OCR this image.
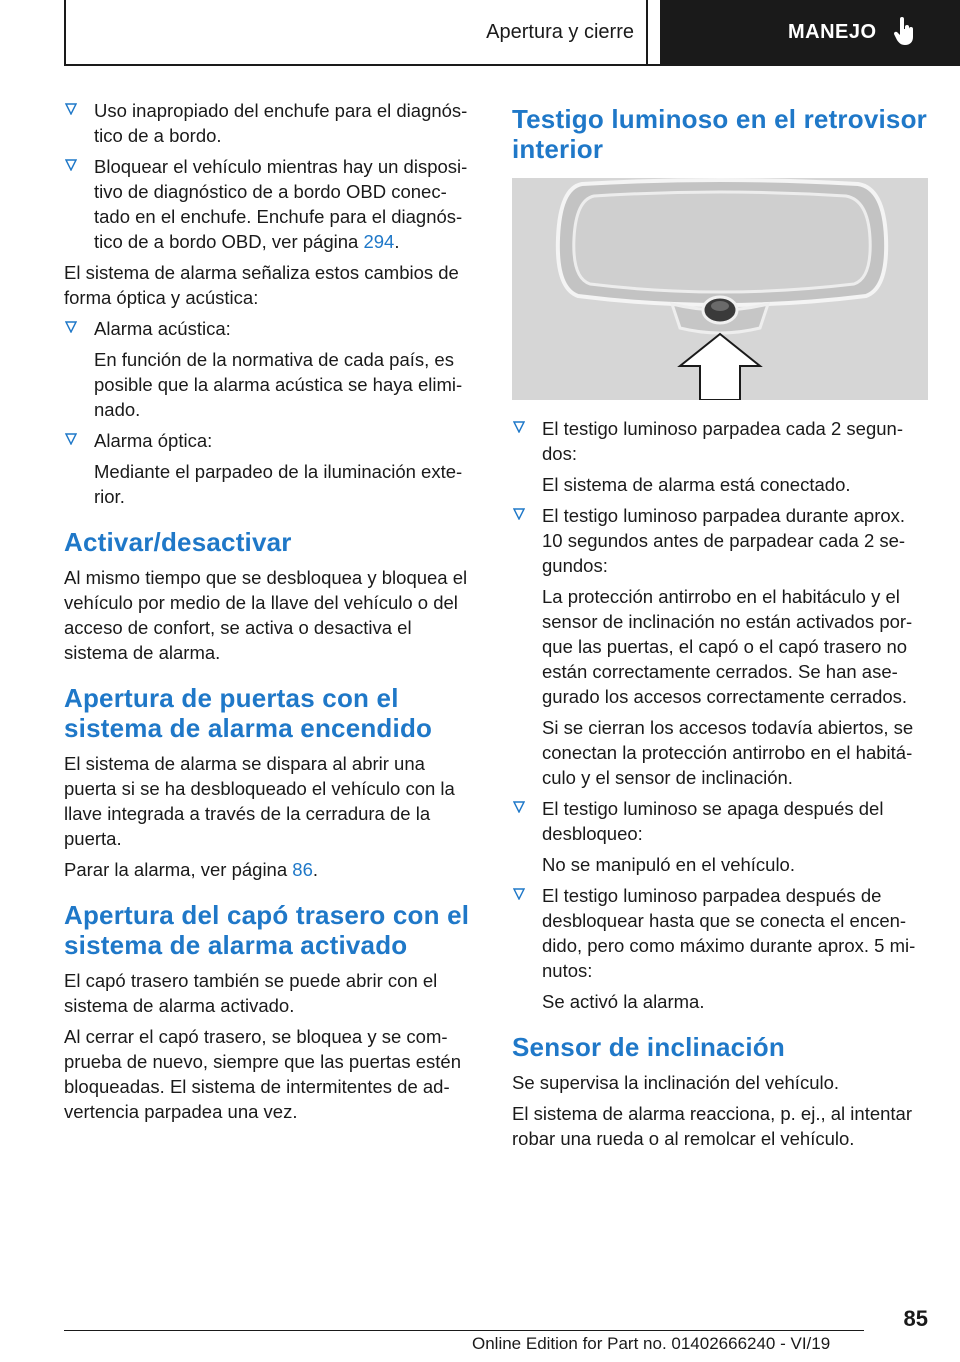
Apertura y cierre	MANEJO

Uso inapropiado del enchufe para el diagnós- tico de a bordo.

Bloquear el vehículo mientras hay un disposi- tivo de diagnóstico de a bordo OBD conec- tado en el enchufe. Enchufe para el diagnós- tico de a bordo OBD, ver página 294.

El sistema de alarma señaliza estos cambios de forma óptica y acústica:

Alarma acústica:

En función de la normativa de cada país, es posible que la alarma acústica se haya elimi- nado.

Alarma óptica:

Mediante el parpadeo de la iluminación exte- rior.

Activar/desactivar

Al mismo tiempo que se desbloquea y bloquea el vehículo por medio de la llave del vehículo o del acceso de confort, se activa o desactiva el sistema de alarma.

Apertura de puertas con el sistema de alarma encendido

El sistema de alarma se dispara al abrir una puerta si se ha desbloqueado el vehículo con la llave integrada a través de la cerradura de la puerta.

Parar la alarma, ver página 86.

Apertura del capó trasero con el sistema de alarma activado

El capó trasero también se puede abrir con el sistema de alarma activado.

Al cerrar el capó trasero, se bloquea y se com- prueba de nuevo, siempre que las puertas estén bloqueadas. El sistema de intermitentes de ad- vertencia parpadea una vez.

Testigo luminoso en el retrovisor interior

El testigo luminoso parpadea cada 2 segun- dos:

El sistema de alarma está conectado.

El testigo luminoso parpadea durante aprox. 10 segundos antes de parpadear cada 2 se- gundos:

La protección antirrobo en el habitáculo y el sensor de inclinación no están activados por- que las puertas, el capó o el capó trasero no están correctamente cerrados. Se han ase- gurado los accesos correctamente cerrados.

Si se cierran los accesos todavía abiertos, se conectan la protección antirrobo en el habitá- culo y el sensor de inclinación.

El testigo luminoso se apaga después del desbloqueo:

No se manipuló en el vehículo.

El testigo luminoso parpadea después de desbloquear hasta que se conecta el encen- dido, pero como máximo durante aprox. 5 mi- nutos:

Se activó la alarma.

Sensor de inclinación

Se supervisa la inclinación del vehículo.

El sistema de alarma reacciona, p. ej., al intentar robar una rueda o al remolcar el vehículo.

85
Online Edition for Part no. 01402666240 - VI/19
